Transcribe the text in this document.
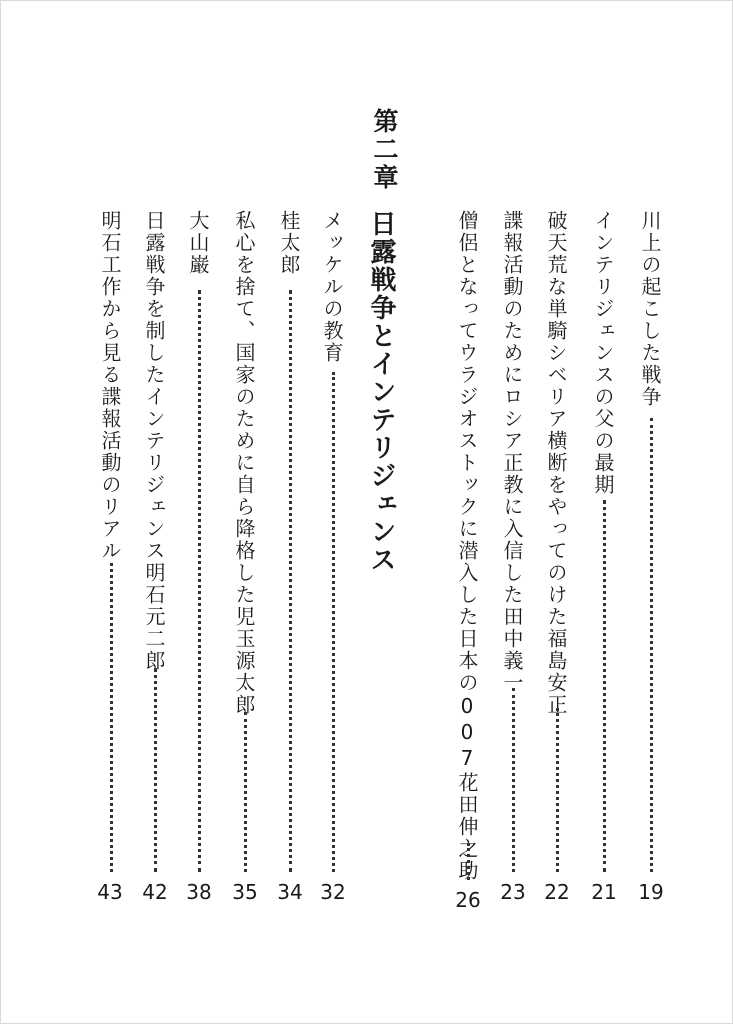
第二章
日露戦争とインテリジェンス	川上の起こした戦争
19
インテリジェンスの父の最期
21
破天荒な単騎シベリア横断をやってのけた福島安正
22
諜報活動のためにロシア正教に入信した田中義一
23
僧侶となってウラジオストックに潜入した日本の007花田伸之助
26
メッケルの教育
32
桂太郎
34
私心を捨て、国家のために自ら降格した児玉源太郎
35
大山巌
38
日露戦争を制したインテリジェンス明石元二郎
42
明石工作から見る諜報活動のリアル
43
